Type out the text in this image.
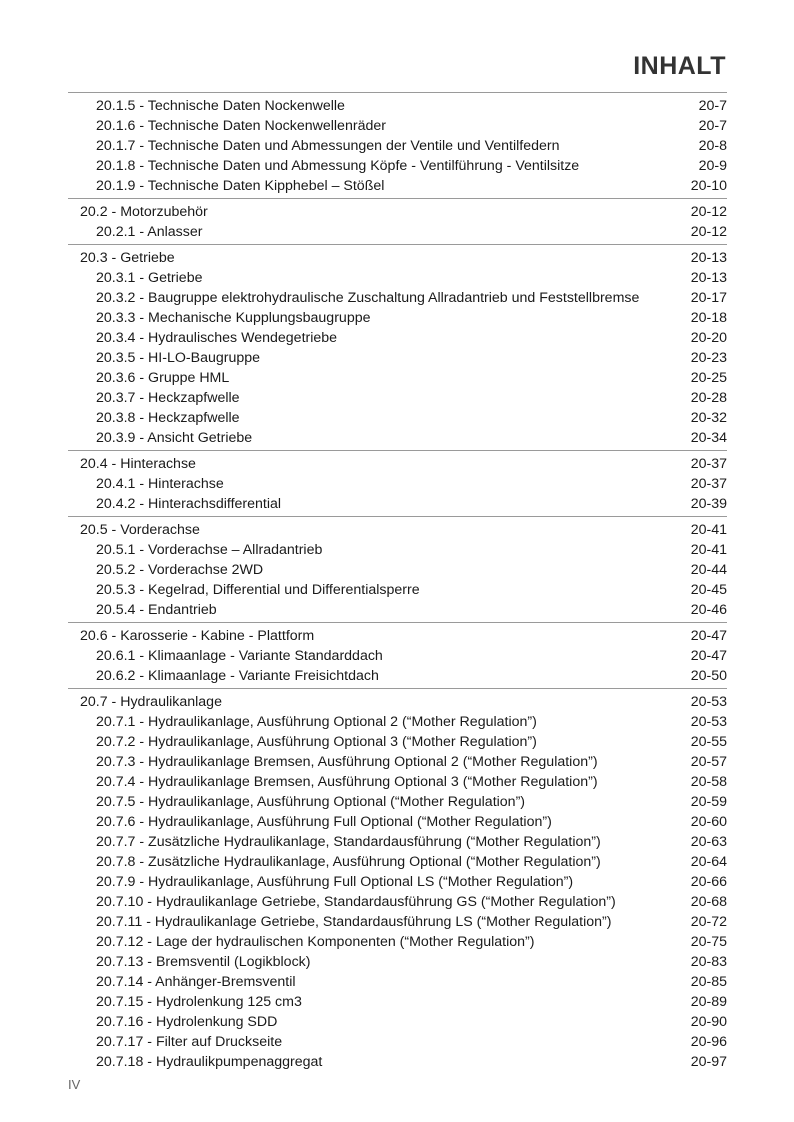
INHALT
20.1.5 - Technische Daten Nockenwelle	20-7
20.1.6 - Technische Daten Nockenwellenräder	20-7
20.1.7 - Technische Daten und Abmessungen der Ventile und Ventilfedern	20-8
20.1.8 - Technische Daten und Abmessung Köpfe - Ventilführung - Ventilsitze	20-9
20.1.9 - Technische Daten Kipphebel – Stößel	20-10
20.2 - Motorzubehör	20-12
20.2.1 - Anlasser	20-12
20.3 - Getriebe	20-13
20.3.1 - Getriebe	20-13
20.3.2 - Baugruppe elektrohydraulische Zuschaltung Allradantrieb und Feststellbremse	20-17
20.3.3 - Mechanische Kupplungsbaugruppe	20-18
20.3.4 - Hydraulisches Wendegetriebe	20-20
20.3.5 - HI-LO-Baugruppe	20-23
20.3.6 - Gruppe HML	20-25
20.3.7 - Heckzapfwelle	20-28
20.3.8 - Heckzapfwelle	20-32
20.3.9 - Ansicht Getriebe	20-34
20.4 - Hinterachse	20-37
20.4.1 - Hinterachse	20-37
20.4.2 - Hinterachsdifferential	20-39
20.5 - Vorderachse	20-41
20.5.1 - Vorderachse – Allradantrieb	20-41
20.5.2 - Vorderachse 2WD	20-44
20.5.3 - Kegelrad, Differential und Differentialsperre	20-45
20.5.4 - Endantrieb	20-46
20.6 - Karosserie - Kabine - Plattform	20-47
20.6.1 - Klimaanlage - Variante Standarddach	20-47
20.6.2 - Klimaanlage - Variante Freisichtdach	20-50
20.7 - Hydraulikanlage	20-53
20.7.1 - Hydraulikanlage, Ausführung Optional 2 (“Mother Regulation”)	20-53
20.7.2 - Hydraulikanlage, Ausführung Optional 3 (“Mother Regulation”)	20-55
20.7.3 - Hydraulikanlage Bremsen, Ausführung Optional 2 (“Mother Regulation”)	20-57
20.7.4 - Hydraulikanlage Bremsen, Ausführung Optional 3 (“Mother Regulation”)	20-58
20.7.5 - Hydraulikanlage, Ausführung Optional (“Mother Regulation”)	20-59
20.7.6 - Hydraulikanlage, Ausführung Full Optional (“Mother Regulation”)	20-60
20.7.7 - Zusätzliche Hydraulikanlage, Standardausführung (“Mother Regulation”)	20-63
20.7.8 - Zusätzliche Hydraulikanlage, Ausführung Optional (“Mother Regulation”)	20-64
20.7.9 - Hydraulikanlage, Ausführung Full Optional LS (“Mother Regulation”)	20-66
20.7.10 - Hydraulikanlage Getriebe, Standardausführung GS (“Mother Regulation”)	20-68
20.7.11 - Hydraulikanlage Getriebe, Standardausführung LS (“Mother Regulation”)	20-72
20.7.12 - Lage der hydraulischen Komponenten (“Mother Regulation”)	20-75
20.7.13 - Bremsventil (Logikblock)	20-83
20.7.14 - Anhänger-Bremsventil	20-85
20.7.15 - Hydrolenkung 125 cm3	20-89
20.7.16 - Hydrolenkung SDD	20-90
20.7.17 - Filter auf Druckseite	20-96
20.7.18 - Hydraulikpumpenaggregat	20-97
IV
